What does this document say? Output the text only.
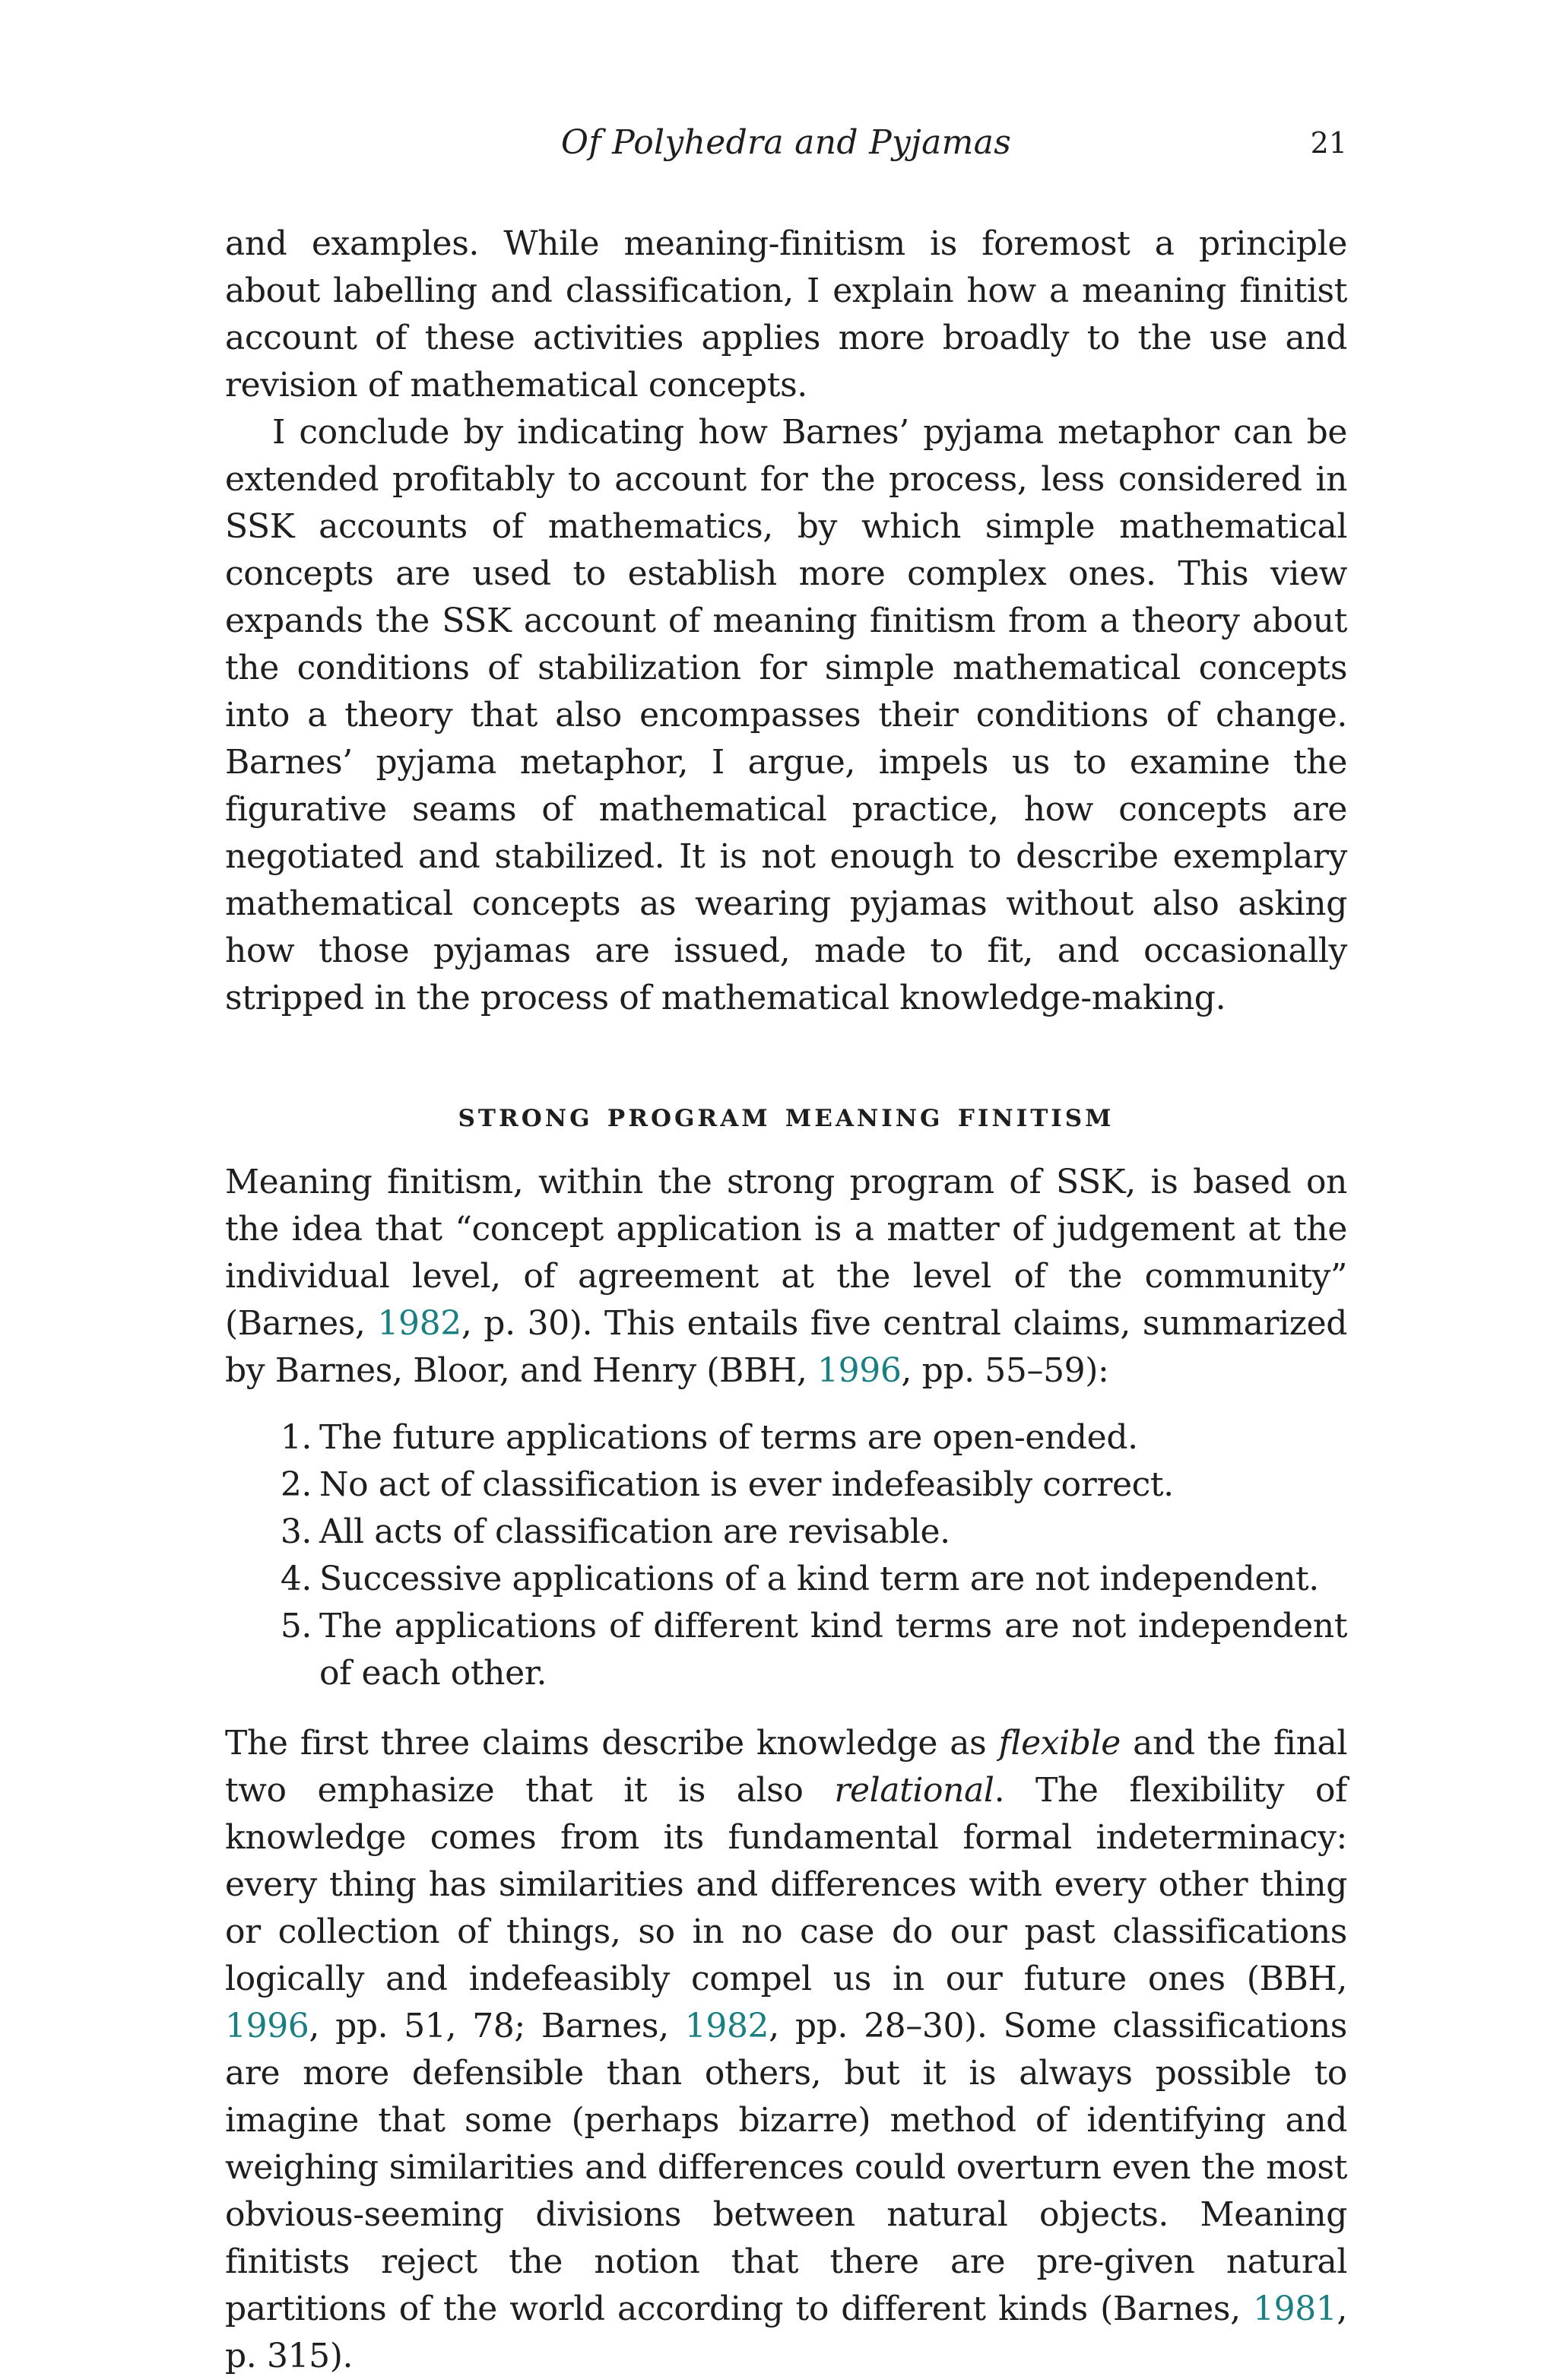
Of Polyhedra and Pyjamas	21

and examples. While meaning-finitism is foremost a principle about labelling and classification, I explain how a meaning finitist account of these activities applies more broadly to the use and revision of mathematical concepts.

I conclude by indicating how Barnes’ pyjama metaphor can be extended profitably to account for the process, less considered in SSK accounts of mathematics, by which simple mathematical concepts are used to establish more complex ones. This view expands the SSK account of meaning finitism from a theory about the conditions of stabilization for simple mathematical concepts into a theory that also encompasses their conditions of change. Barnes’ pyjama metaphor, I argue, impels us to examine the figurative seams of mathematical practice, how concepts are negotiated and stabilized. It is not enough to describe exemplary mathematical concepts as wearing pyjamas without also asking how those pyjamas are issued, made to fit, and occasionally stripped in the process of mathematical knowledge-making.

strong program meaning finitism

Meaning finitism, within the strong program of SSK, is based on the idea that “concept application is a matter of judgement at the individual level, of agreement at the level of the community” (Barnes, 1982, p. 30). This entails five central claims, summarized by Barnes, Bloor, and Henry (BBH, 1996, pp. 55–59):

1. The future applications of terms are open-ended.
2. No act of classification is ever indefeasibly correct.
3. All acts of classification are revisable.
4. Successive applications of a kind term are not independent.
5. The applications of different kind terms are not independent of each other.

The first three claims describe knowledge as flexible and the final two emphasize that it is also relational. The flexibility of knowledge comes from its fundamental formal indeterminacy: every thing has similarities and differences with every other thing or collection of things, so in no case do our past classifications logically and indefeasibly compel us in our future ones (BBH, 1996, pp. 51, 78; Barnes, 1982, pp. 28–30). Some classifications are more defensible than others, but it is always possible to imagine that some (perhaps bizarre) method of identifying and weighing similarities and differences could overturn even the most obvious-seeming divisions between natural objects. Meaning finitists reject the notion that there are pre-given natural partitions of the world according to different kinds (Barnes, 1981, p. 315).
